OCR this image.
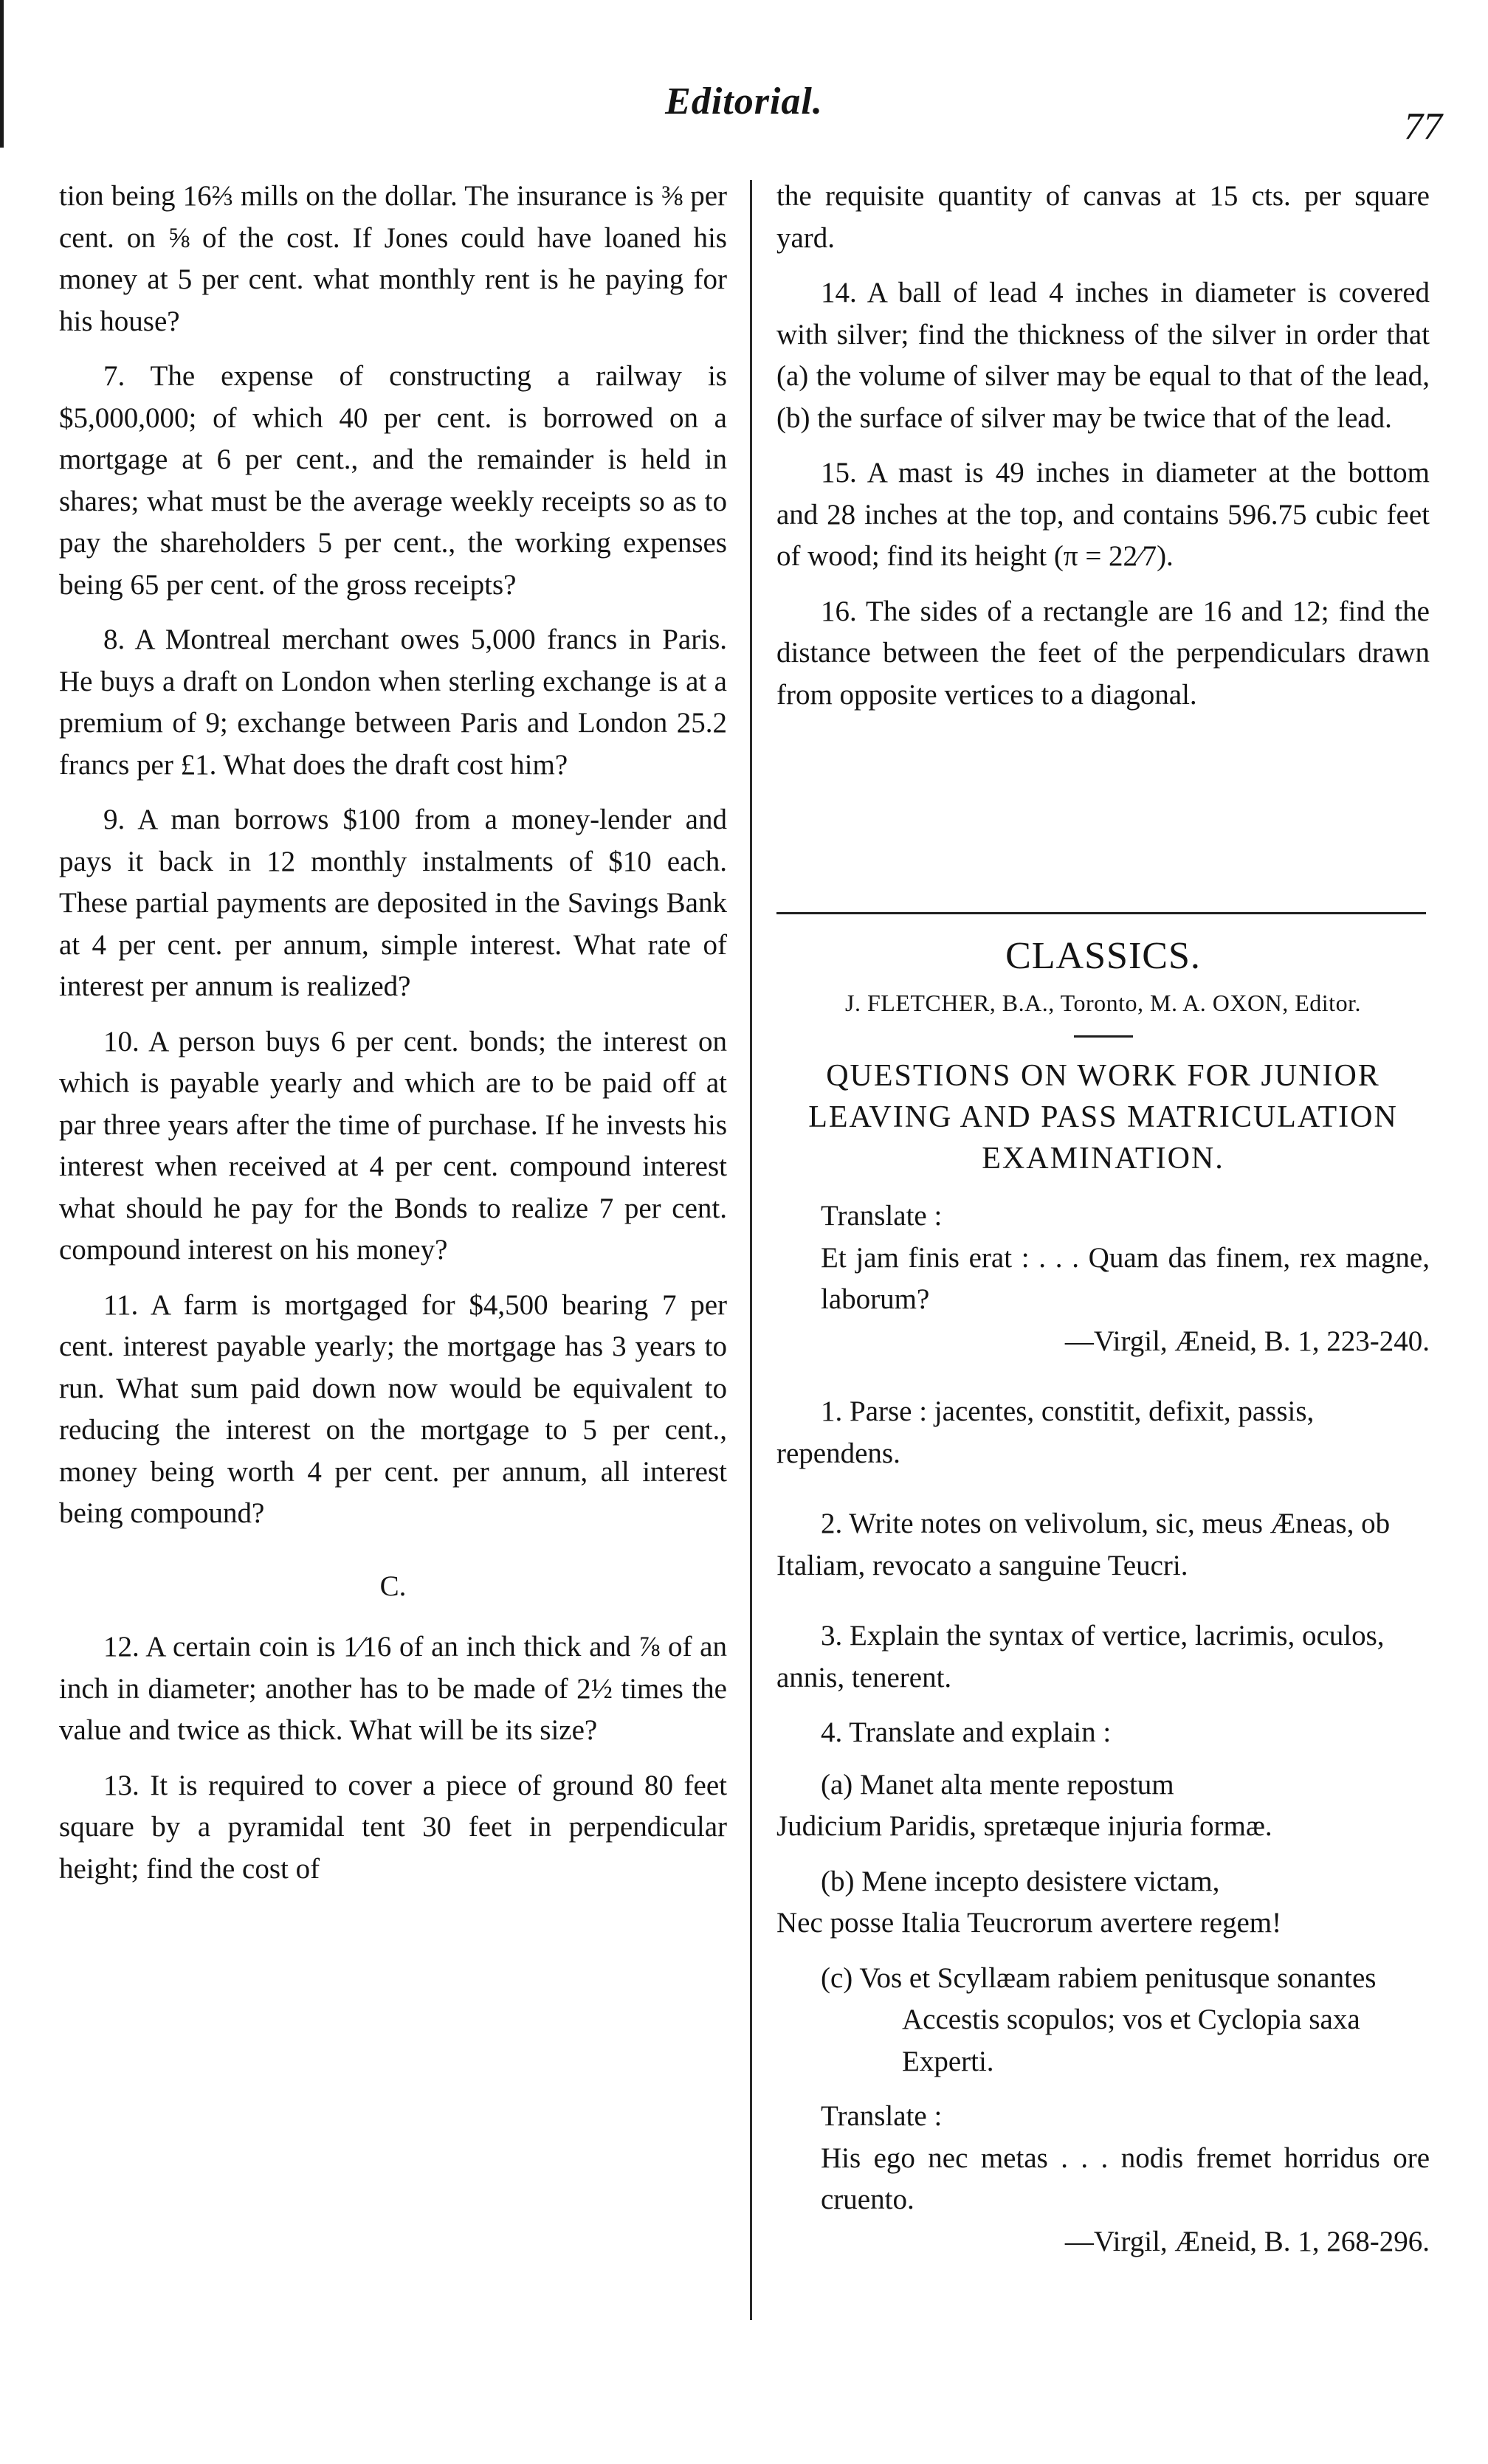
Editorial.
77

tion being 16⅔ mills on the dollar. The insurance is ⅜ per cent. on ⅝ of the cost. If Jones could have loaned his money at 5 per cent. what monthly rent is he paying for his house?

7. The expense of constructing a railway is $5,000,000; of which 40 per cent. is borrowed on a mortgage at 6 per cent., and the remainder is held in shares; what must be the average weekly receipts so as to pay the shareholders 5 per cent., the working expenses being 65 per cent. of the gross receipts?

8. A Montreal merchant owes 5,000 francs in Paris. He buys a draft on London when sterling exchange is at a premium of 9; exchange between Paris and London 25.2 francs per £1. What does the draft cost him?

9. A man borrows $100 from a money-lender and pays it back in 12 monthly instalments of $10 each. These partial payments are deposited in the Savings Bank at 4 per cent. per annum, simple interest. What rate of interest per annum is realized?

10. A person buys 6 per cent. bonds; the interest on which is payable yearly and which are to be paid off at par three years after the time of purchase. If he invests his interest when received at 4 per cent. compound interest what should he pay for the Bonds to realize 7 per cent. compound interest on his money?

11. A farm is mortgaged for $4,500 bearing 7 per cent. interest payable yearly; the mortgage has 3 years to run. What sum paid down now would be equivalent to reducing the interest on the mortgage to 5 per cent., money being worth 4 per cent. per annum, all interest being compound?

C.

12. A certain coin is 1⁄16 of an inch thick and ⅞ of an inch in diameter; another has to be made of 2½ times the value and twice as thick. What will be its size?

13. It is required to cover a piece of ground 80 feet square by a pyramidal tent 30 feet in perpendicular height; find the cost of

the requisite quantity of canvas at 15 cts. per square yard.

14. A ball of lead 4 inches in diameter is covered with silver; find the thickness of the silver in order that (a) the volume of silver may be equal to that of the lead, (b) the surface of silver may be twice that of the lead.

15. A mast is 49 inches in diameter at the bottom and 28 inches at the top, and contains 596.75 cubic feet of wood; find its height (π = 22⁄7).

16. The sides of a rectangle are 16 and 12; find the distance between the feet of the perpendiculars drawn from opposite vertices to a diagonal.

CLASSICS.

J. FLETCHER, B.A., Toronto, M. A. OXON, Editor.

QUESTIONS ON WORK FOR JUNIOR LEAVING AND PASS MATRICULATION EXAMINATION.

Translate :

Et jam finis erat : . . . Quam das finem, rex magne, laborum?

—Virgil, Æneid, B. 1, 223-240.

1. Parse : jacentes, constitit, defixit, passis, rependens.

2. Write notes on velivolum, sic, meus Æneas, ob Italiam, revocato a sanguine Teucri.

3. Explain the syntax of vertice, lacrimis, oculos, annis, tenerent.

4. Translate and explain :

(a) Manet alta mente repostum

Judicium Paridis, spretæque injuria formæ.

(b) Mene incepto desistere victam,

Nec posse Italia Teucrorum avertere regem!

(c) Vos et Scyllæam rabiem penitusque sonantes

Accestis scopulos; vos et Cyclopia saxa Experti.

Translate :

His ego nec metas . . . nodis fremet horridus ore cruento.

—Virgil, Æneid, B. 1, 268-296.
